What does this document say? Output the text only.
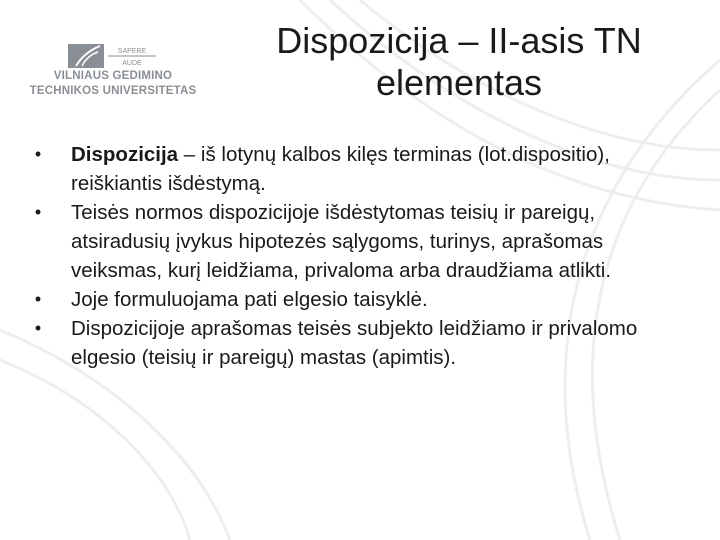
SAPERE
AUDE
VILNIAUS GEDIMINO
TECHNIKOS UNIVERSITETAS
Dispozicija – II-asis TN
elementas
•	Dispozicija – iš lotynų kalbos kilęs terminas (lot.dispositio), reiškiantis išdėstymą.
•	Teisės normos dispozicijoje išdėstytomas teisių ir pareigų, atsiradusių įvykus hipotezės sąlygoms, turinys, aprašomas veiksmas, kurį leidžiama, privaloma arba draudžiama atlikti.
•	Joje formuluojama pati elgesio taisyklė.
•	Dispozicijoje aprašomas teisės subjekto leidžiamo ir privalomo elgesio (teisių ir pareigų) mastas (apimtis).
